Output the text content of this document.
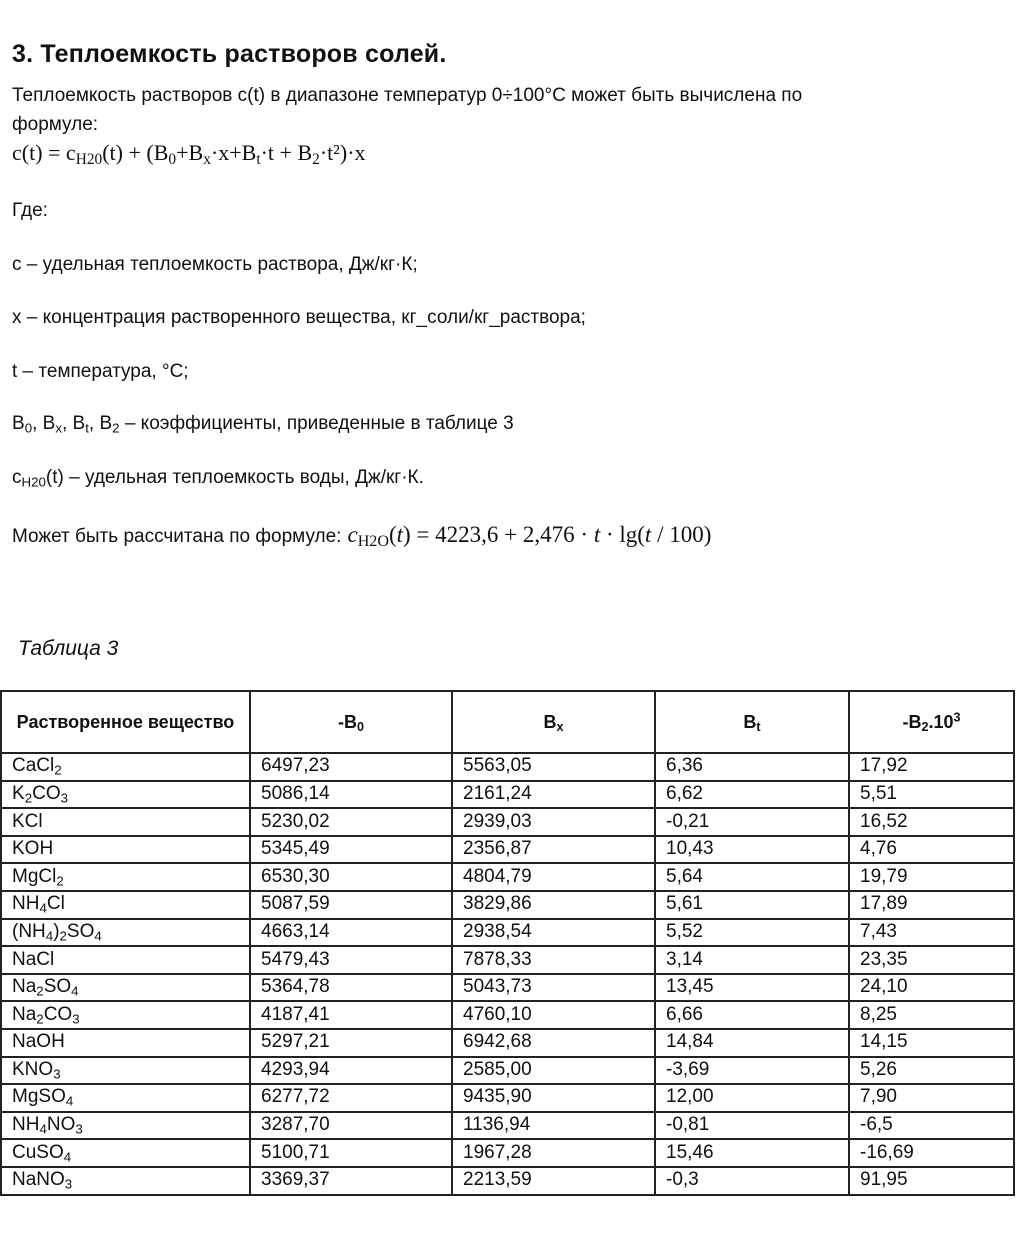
3. Теплоемкость растворов солей.

Теплоемкость растворов с(t) в диапазоне температур 0÷100°С может быть вычислена по

формуле:

$c(t) = c_{H20}(t) + (B_0+B_x\cdot x+B_t\cdot t + B_2\cdot t^2)\cdot x$

Где:

с – удельная теплоемкость раствора, Дж/кг·К;

х – концентрация растворенного вещества, кг_соли/кг_раствора;

t – температура, °С;

$B_0$, $B_x$, $B_t$, $B_2$ – коэффициенты, приведенные в таблице 3

$c_{H20}(t)$ – удельная теплоемкость воды, Дж/кг·К.

Может быть рассчитана по формуле: $c_{H2O}(t) = 4223,6 + 2,476 \cdot t \cdot \lg(t / 100)$

Таблица 3

Растворенное вещество	$-B_0$	$B_x$	$B_t$	$-B_2.10^3$
CaCl$_2$	6497,23	5563,05	6,36	17,92
$K_2CO_3$	5086,14	2161,24	6,62	5,51
KCl	5230,02	2939,03	-0,21	16,52
KOH	5345,49	2356,87	10,43	4,76
MgCl$_2$	6530,30	4804,79	5,64	19,79
$NH_4Cl$	5087,59	3829,86	5,61	17,89
$(NH_4)_2SO_4$	4663,14	2938,54	5,52	7,43
NaCl	5479,43	7878,33	3,14	23,35
$Na_2SO_4$	5364,78	5043,73	13,45	24,10
$Na_2CO_3$	4187,41	4760,10	6,66	8,25
NaOH	5297,21	6942,68	14,84	14,15
$KNO_3$	4293,94	2585,00	-3,69	5,26
MgSO$_4$	6277,72	9435,90	12,00	7,90
$NH_4NO_3$	3287,70	1136,94	-0,81	-6,5
CuSO$_4$	5100,71	1967,28	15,46	-16,69
NaNO$_3$	3369,37	2213,59	-0,3	91,95
